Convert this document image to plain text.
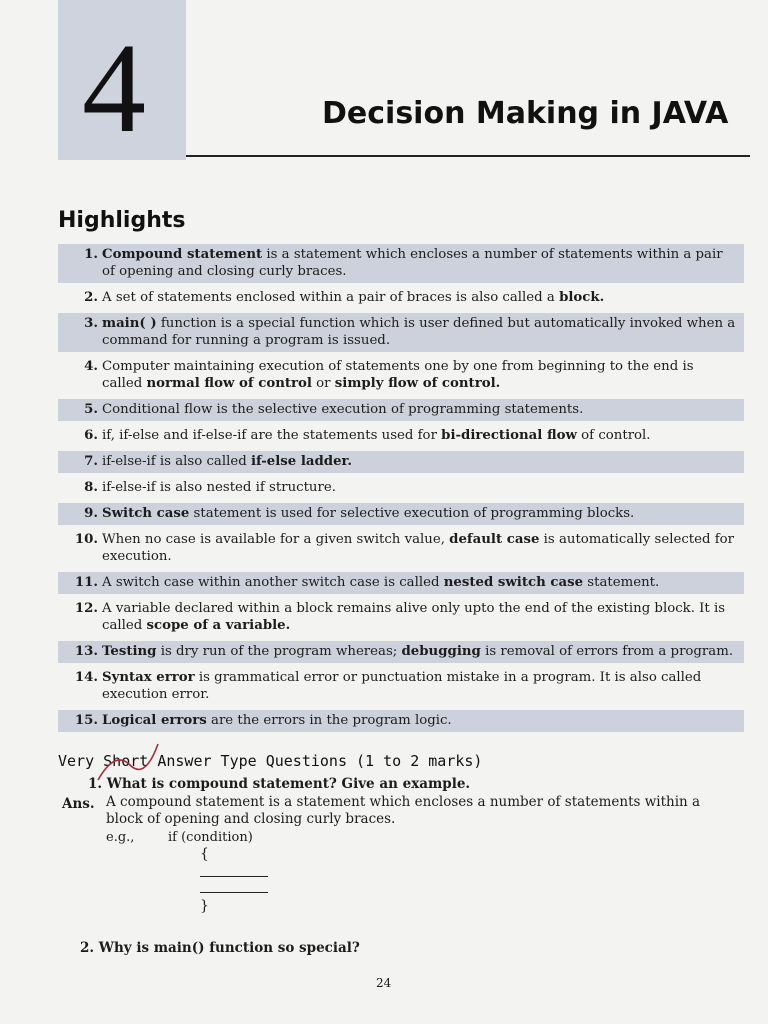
4	Decision Making in JAVA
Highlights
1. Compound statement is a statement which encloses a number of statements within a pair of opening and closing curly braces.
2. A set of statements enclosed within a pair of braces is also called a block.
3. main( ) function is a special function which is user defined but automatically invoked when a command for running a program is issued.
4. Computer maintaining execution of statements one by one from beginning to the end is called normal flow of control or simply flow of control.
5. Conditional flow is the selective execution of programming statements.
6. if, if-else and if-else-if are the statements used for bi-directional flow of control.
7. if-else-if is also called if-else ladder.
8. if-else-if is also nested if structure.
9. Switch case statement is used for selective execution of programming blocks.
10. When no case is available for a given switch value, default case is automatically selected for execution.
11. A switch case within another switch case is called nested switch case statement.
12. A variable declared within a block remains alive only upto the end of the existing block. It is called scope of a variable.
13. Testing is dry run of the program whereas; debugging is removal of errors from a program.
14. Syntax error is grammatical error or punctuation mistake in a program. It is also called execution error.
15. Logical errors are the errors in the program logic.
Very Short Answer Type Questions (1 to 2 marks)
1. What is compound statement? Give an example.
Ans. A compound statement is a statement which encloses a number of statements within a block of opening and closing curly braces.
e.g.,	if (condition)
{
}
2. Why is main() function so special?
24
